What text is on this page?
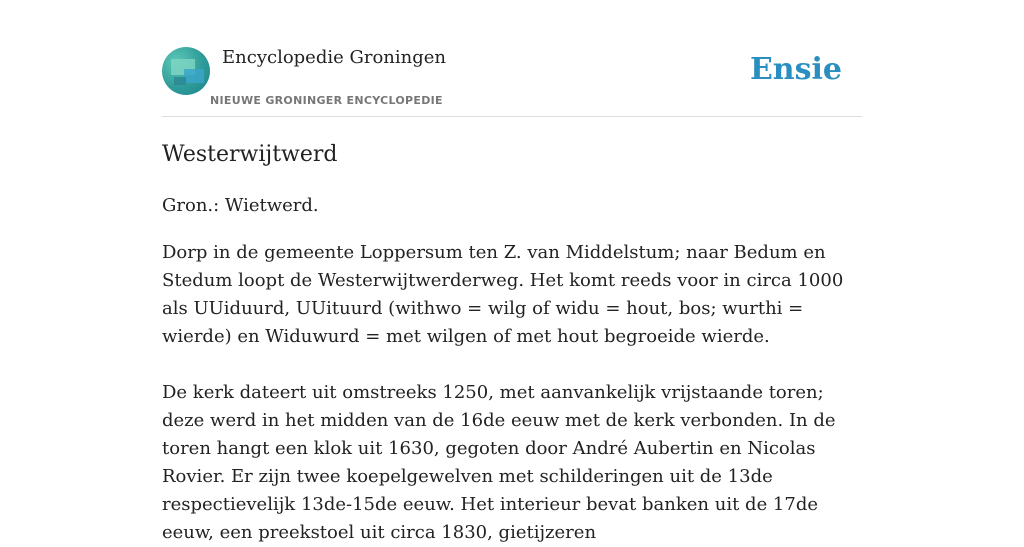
Encyclopedie Groningen
NIEUWE GRONINGER ENCYCLOPEDIE
Ensie
Westerwijtwerd

Gron.: Wietwerd.

Dorp in de gemeente Loppersum ten Z. van Middelstum; naar Bedum en Stedum loopt de Westerwijtwerderweg. Het komt reeds voor in circa 1000 als UUiduurd, UUituurd (withwo = wilg of widu = hout, bos; wurthi = wierde) en Widuwurd = met wilgen of met hout begroeide wierde.

De kerk dateert uit omstreeks 1250, met aanvankelijk vrijstaande toren; deze werd in het midden van de 16de eeuw met de kerk verbonden. In de toren hangt een klok uit 1630, gegoten door André Aubertin en Nicolas Rovier. Er zijn twee koepelgewelven met schilderingen uit de 13de respectievelijk 13de-15de eeuw. Het interieur bevat banken uit de 17de eeuw, een preekstoel uit circa 1830, gietijzeren
